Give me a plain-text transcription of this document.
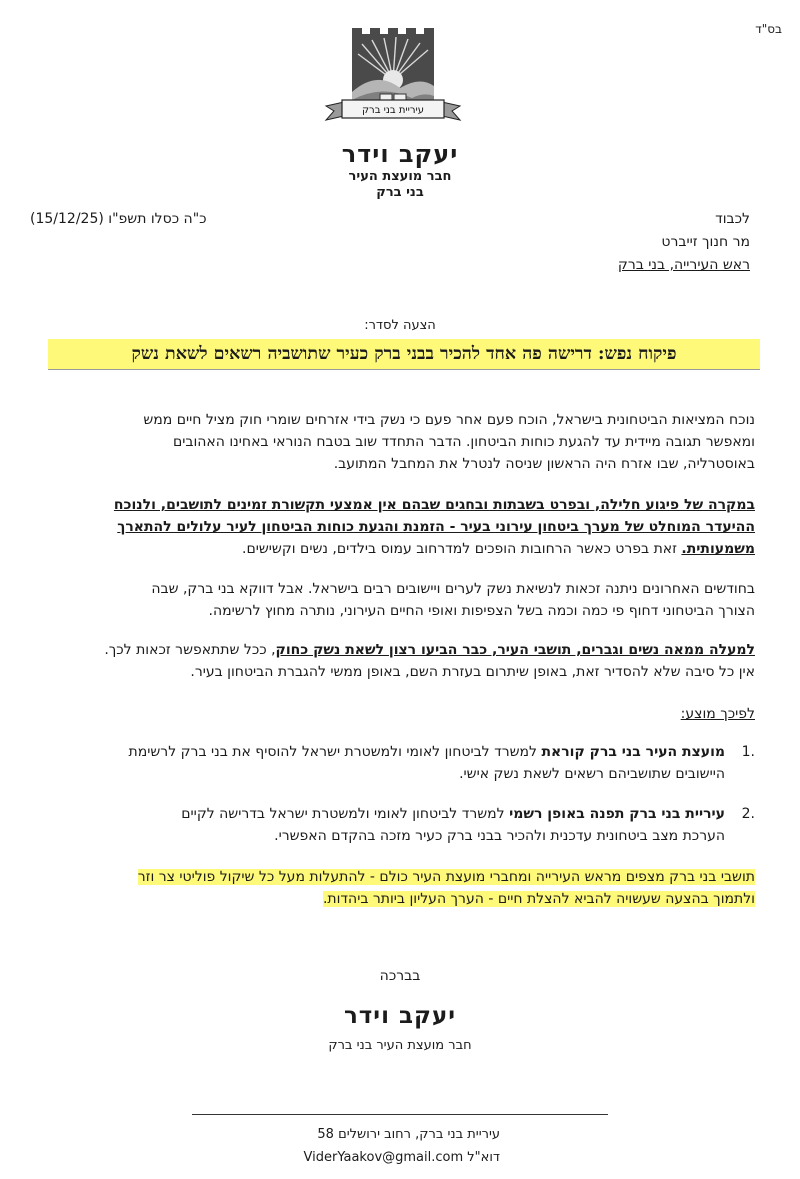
בס"ד
עיריית בני ברק
יעקב וידר
חבר מועצת העיר
בני ברק
כ"ה כסלו תשפ"ו (15/12/25)	לכבוד
מר חנוך זייברט
ראש העירייה, בני ברק
הצעה לסדר:
פיקוח נפש: דרישה פה אחד להכיר בבני ברק כעיר שתושביה רשאים לשאת נשק

נוכח המציאות הביטחונית בישראל, הוכח פעם אחר פעם כי נשק בידי אזרחים שומרי חוק מציל חיים ממש

ומאפשר תגובה מיידית עד להגעת כוחות הביטחון. הדבר התחדד שוב בטבח הנוראי באחינו האהובים

באוסטרליה, שבו אזרח היה הראשון שניסה לנטרל את המחבל המתועב.

במקרה של פיגוע חלילה, ובפרט בשבתות ובחגים שבהם אין אמצעי תקשורת זמינים לתושבים, ולנוכח

ההיעדר המוחלט של מערך ביטחון עירוני בעיר - הזמנת והגעת כוחות הביטחון לעיר עלולים להתארך

משמעותית. זאת בפרט כאשר הרחובות הופכים למדרחוב עמוס בילדים, נשים וקשישים.

בחודשים האחרונים ניתנה זכאות לנשיאת נשק לערים ויישובים רבים בישראל. אבל דווקא בני ברק, שבה

הצורך הביטחוני דחוף פי כמה וכמה בשל הצפיפות ואופי החיים העירוני, נותרה מחוץ לרשימה.

למעלה ממאה נשים וגברים, תושבי העיר, כבר הביעו רצון לשאת נשק כחוק, ככל שתתאפשר זכאות לכך.

אין כל סיבה שלא להסדיר זאת, באופן שיתרום בעזרת השם, באופן ממשי להגברת הביטחון בעיר.

לפיכך מוצע:

.1

מועצת העיר בני ברק קוראת למשרד לביטחון לאומי ולמשטרת ישראל להוסיף את בני ברק לרשימת

היישובים שתושביהם רשאים לשאת נשק אישי.

.2

עיריית בני ברק תפנה באופן רשמי למשרד לביטחון לאומי ולמשטרת ישראל בדרישה לקיים

הערכת מצב ביטחונית עדכנית ולהכיר בבני ברק כעיר מזכה בהקדם האפשרי.

תושבי בני ברק מצפים מראש העירייה ומחברי מועצת העיר כולם - להתעלות מעל כל שיקול פוליטי צר וזר

ולתמוך בהצעה שעשויה להביא להצלת חיים - הערך העליון ביותר ביהדות.

בברכה
יעקב וידר
חבר מועצת העיר בני ברק
עיריית בני ברק, רחוב ירושלים 58
דוא"ל ViderYaakov@gmail.com
